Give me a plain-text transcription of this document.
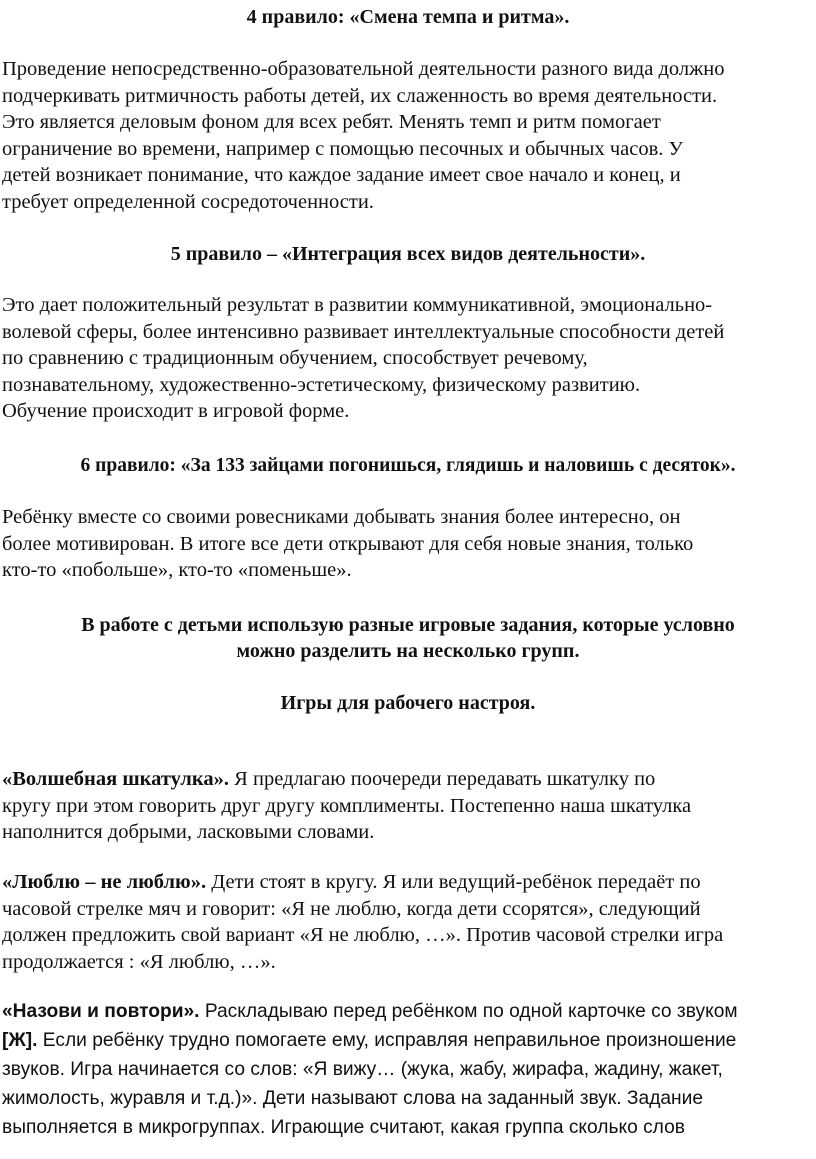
4 правило: «Смена темпа и ритма».
Проведение непосредственно-образовательной деятельности разного вида должно
подчеркивать ритмичность работы детей, их слаженность во время деятельности.
Это является деловым фоном для всех ребят. Менять темп и ритм помогает
ограничение во времени, например с помощью песочных и обычных часов. У
детей возникает понимание, что каждое задание имеет свое начало и конец, и
требует определенной сосредоточенности.
5 правило – «Интеграция всех видов деятельности».
Это дает положительный результат в развитии коммуникативной, эмоционально-
волевой сферы, более интенсивно развивает интеллектуальные способности детей
по сравнению с традиционным обучением, способствует речевому,
познавательному, художественно-эстетическому, физическому развитию.
Обучение происходит в игровой форме.
6 правило: «За 133 зайцами погонишься, глядишь и наловишь с десяток».
Ребёнку вместе со своими ровесниками добывать знания более интересно, он
более мотивирован. В итоге все дети открывают для себя новые знания, только
кто-то «побольше», кто-то «поменьше».
В работе с детьми использую разные игровые задания, которые условно
можно разделить на несколько групп.
Игры для рабочего настроя.
«Волшебная шкатулка». Я предлагаю поочереди передавать шкатулку по
кругу при этом говорить друг другу комплименты. Постепенно наша шкатулка
наполнится добрыми, ласковыми словами.
«Люблю – не люблю». Дети стоят в кругу. Я или ведущий-ребёнок передаёт по
часовой стрелке мяч и говорит: «Я не люблю, когда дети ссорятся», следующий
должен предложить свой вариант «Я не люблю, …». Против часовой стрелки игра
продолжается : «Я люблю, …».
«Назови и повтори». Раскладываю перед ребёнком по одной карточке со звуком
[Ж]. Если ребёнку трудно помогаете ему, исправляя неправильное произношение
звуков. Игра начинается со слов: «Я вижу… (жука, жабу, жирафа, жадину, жакет,
жимолость, журавля и т.д.)». Дети называют слова на заданный звук. Задание
выполняется в микрогруппах. Играющие считают, какая группа сколько слов
